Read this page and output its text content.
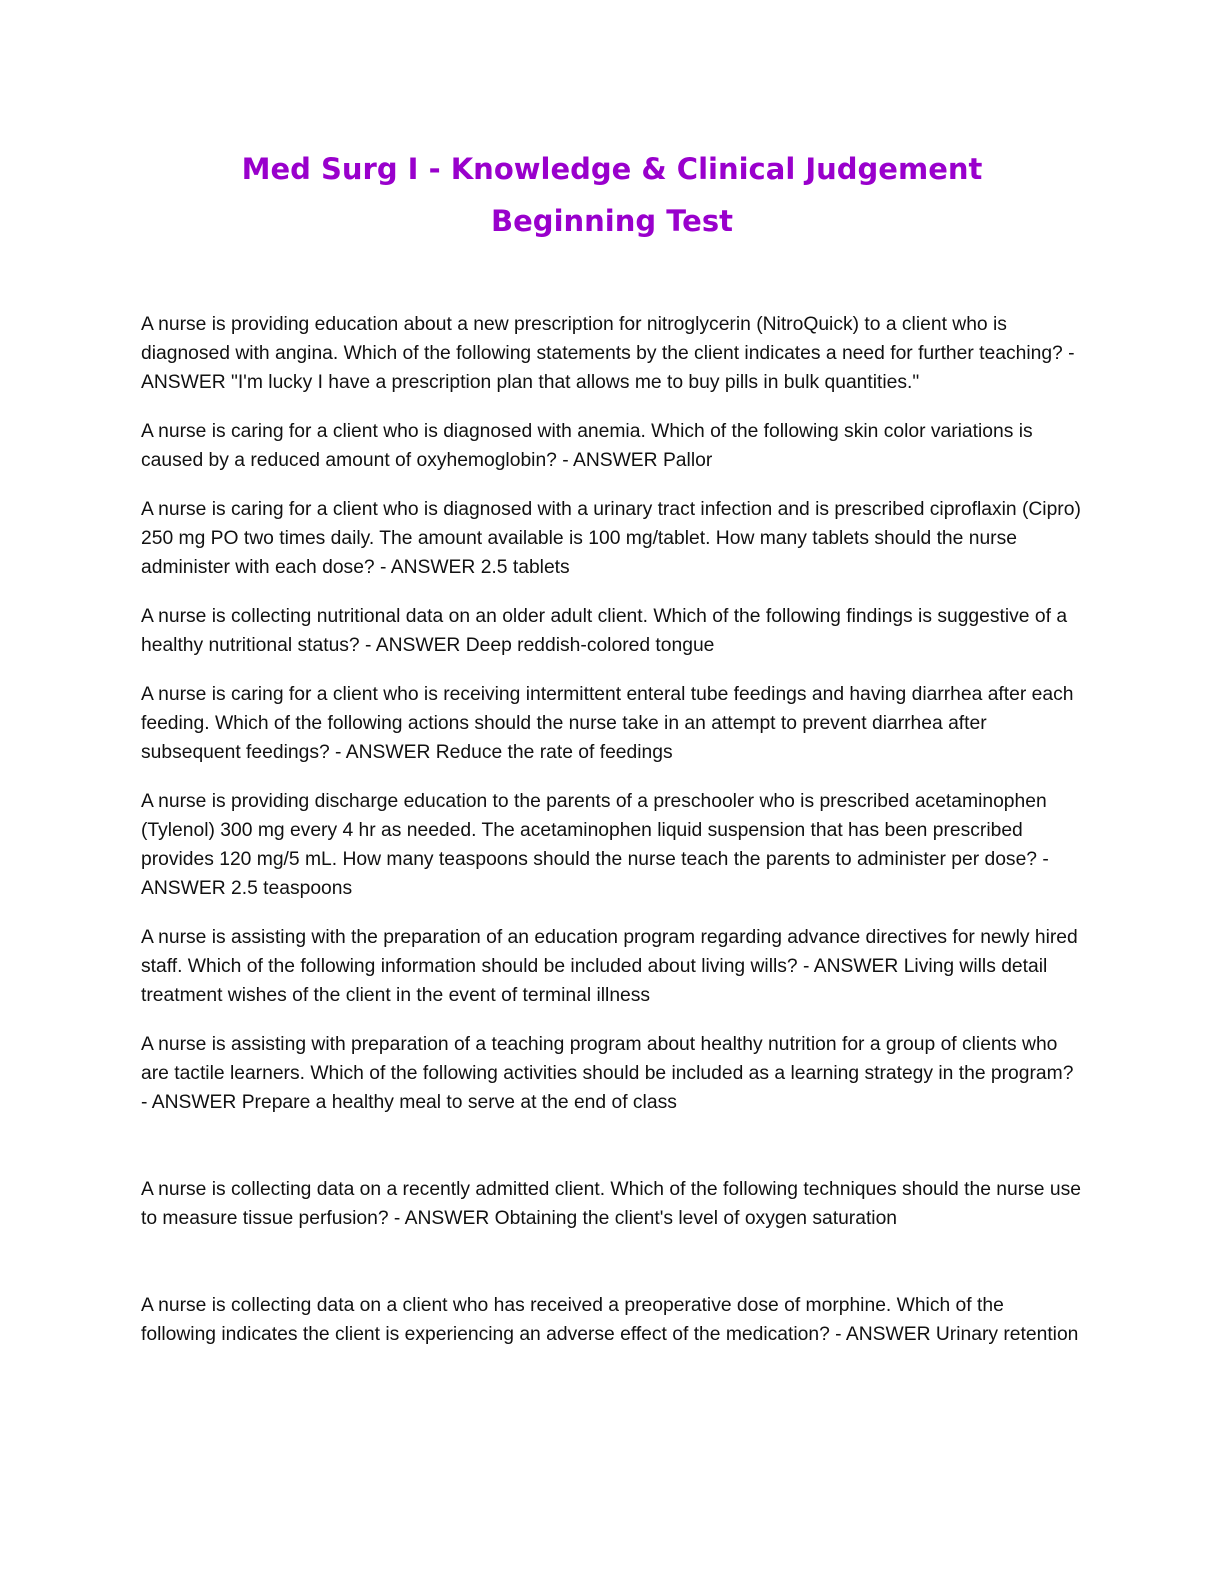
Med Surg I - Knowledge & Clinical Judgement

Beginning Test

A nurse is providing education about a new prescription for nitroglycerin (NitroQuick) to a client who is diagnosed with angina. Which of the following statements by the client indicates a need for further teaching? - ANSWER "I'm lucky I have a prescription plan that allows me to buy pills in bulk quantities."

A nurse is caring for a client who is diagnosed with anemia. Which of the following skin color variations is caused by a reduced amount of oxyhemoglobin? - ANSWER Pallor

A nurse is caring for a client who is diagnosed with a urinary tract infection and is prescribed ciproflaxin (Cipro) 250 mg PO two times daily. The amount available is 100 mg/tablet. How many tablets should the nurse administer with each dose? - ANSWER 2.5 tablets

A nurse is collecting nutritional data on an older adult client. Which of the following findings is suggestive of a healthy nutritional status? - ANSWER Deep reddish-colored tongue

A nurse is caring for a client who is receiving intermittent enteral tube feedings and having diarrhea after each feeding. Which of the following actions should the nurse take in an attempt to prevent diarrhea after subsequent feedings? - ANSWER Reduce the rate of feedings

A nurse is providing discharge education to the parents of a preschooler who is prescribed acetaminophen (Tylenol) 300 mg every 4 hr as needed. The acetaminophen liquid suspension that has been prescribed provides 120 mg/5 mL. How many teaspoons should the nurse teach the parents to administer per dose? - ANSWER 2.5 teaspoons

A nurse is assisting with the preparation of an education program regarding advance directives for newly hired staff. Which of the following information should be included about living wills? - ANSWER Living wills detail treatment wishes of the client in the event of terminal illness

A nurse is assisting with preparation of a teaching program about healthy nutrition for a group of clients who are tactile learners. Which of the following activities should be included as a learning strategy in the program? - ANSWER Prepare a healthy meal to serve at the end of class

A nurse is collecting data on a recently admitted client. Which of the following techniques should the nurse use to measure tissue perfusion? - ANSWER Obtaining the client's level of oxygen saturation

A nurse is collecting data on a client who has received a preoperative dose of morphine. Which of the following indicates the client is experiencing an adverse effect of the medication? - ANSWER Urinary retention
